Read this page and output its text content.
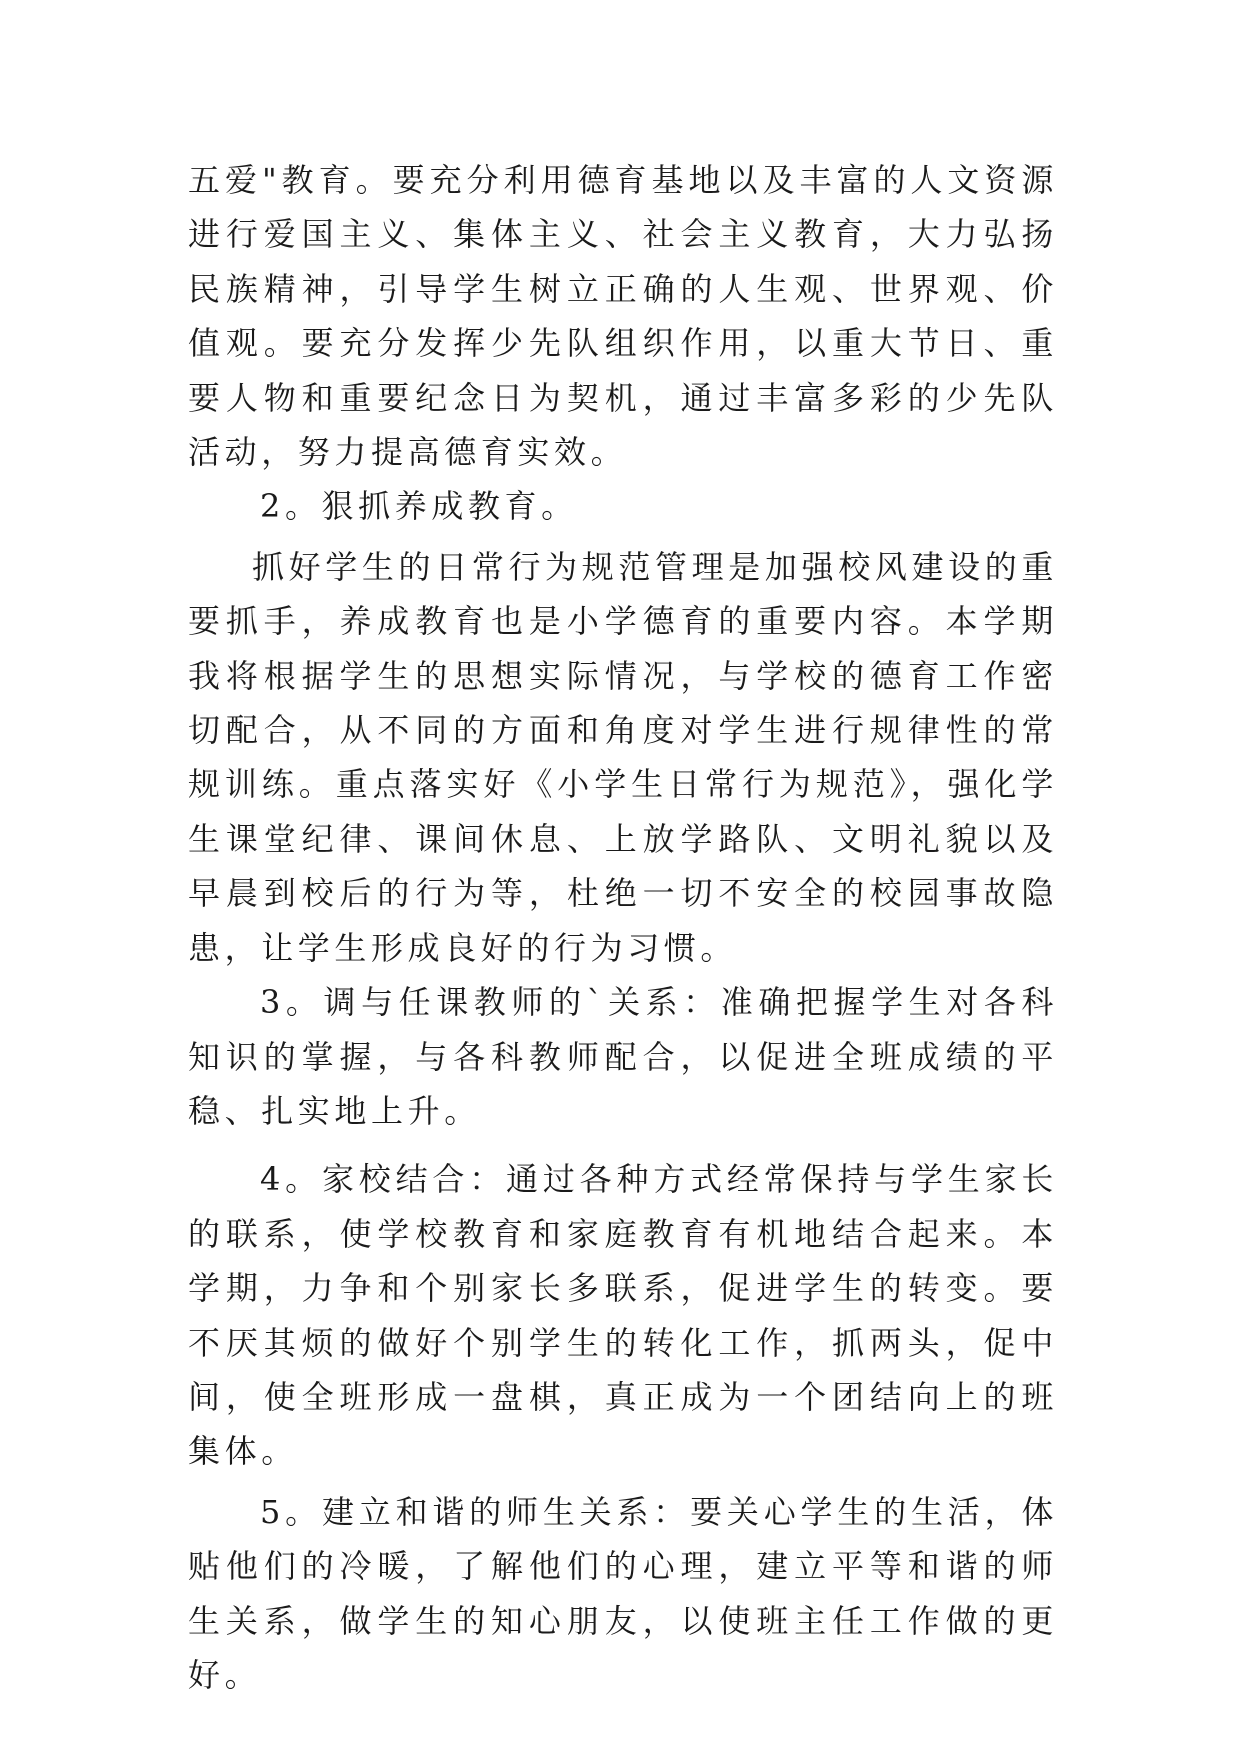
五爱"教育。要充分利用德育基地以及丰富的人文资源进行爱国主义、集体主义、社会主义教育，大力弘扬民族精神，引导学生树立正确的人生观、世界观、价值观。要充分发挥少先队组织作用，以重大节日、重要人物和重要纪念日为契机，通过丰富多彩的少先队活动，努力提高德育实效。

2。狠抓养成教育。

抓好学生的日常行为规范管理是加强校风建设的重要抓手，养成教育也是小学德育的重要内容。本学期我将根据学生的思想实际情况，与学校的德育工作密切配合，从不同的方面和角度对学生进行规律性的常规训练。重点落实好《小学生日常行为规范》，强化学生课堂纪律、课间休息、上放学路队、文明礼貌以及早晨到校后的行为等，杜绝一切不安全的校园事故隐患，让学生形成良好的行为习惯。

3。调与任课教师的`关系：准确把握学生对各科知识的掌握，与各科教师配合，以促进全班成绩的平稳、扎实地上升。

4。家校结合：通过各种方式经常保持与学生家长的联系，使学校教育和家庭教育有机地结合起来。本学期，力争和个别家长多联系，促进学生的转变。要不厌其烦的做好个别学生的转化工作，抓两头，促中间，使全班形成一盘棋，真正成为一个团结向上的班集体。

5。建立和谐的师生关系：要关心学生的生活，体贴他们的冷暖，了解他们的心理，建立平等和谐的师生关系，做学生的知心朋友，以使班主任工作做的更好。
